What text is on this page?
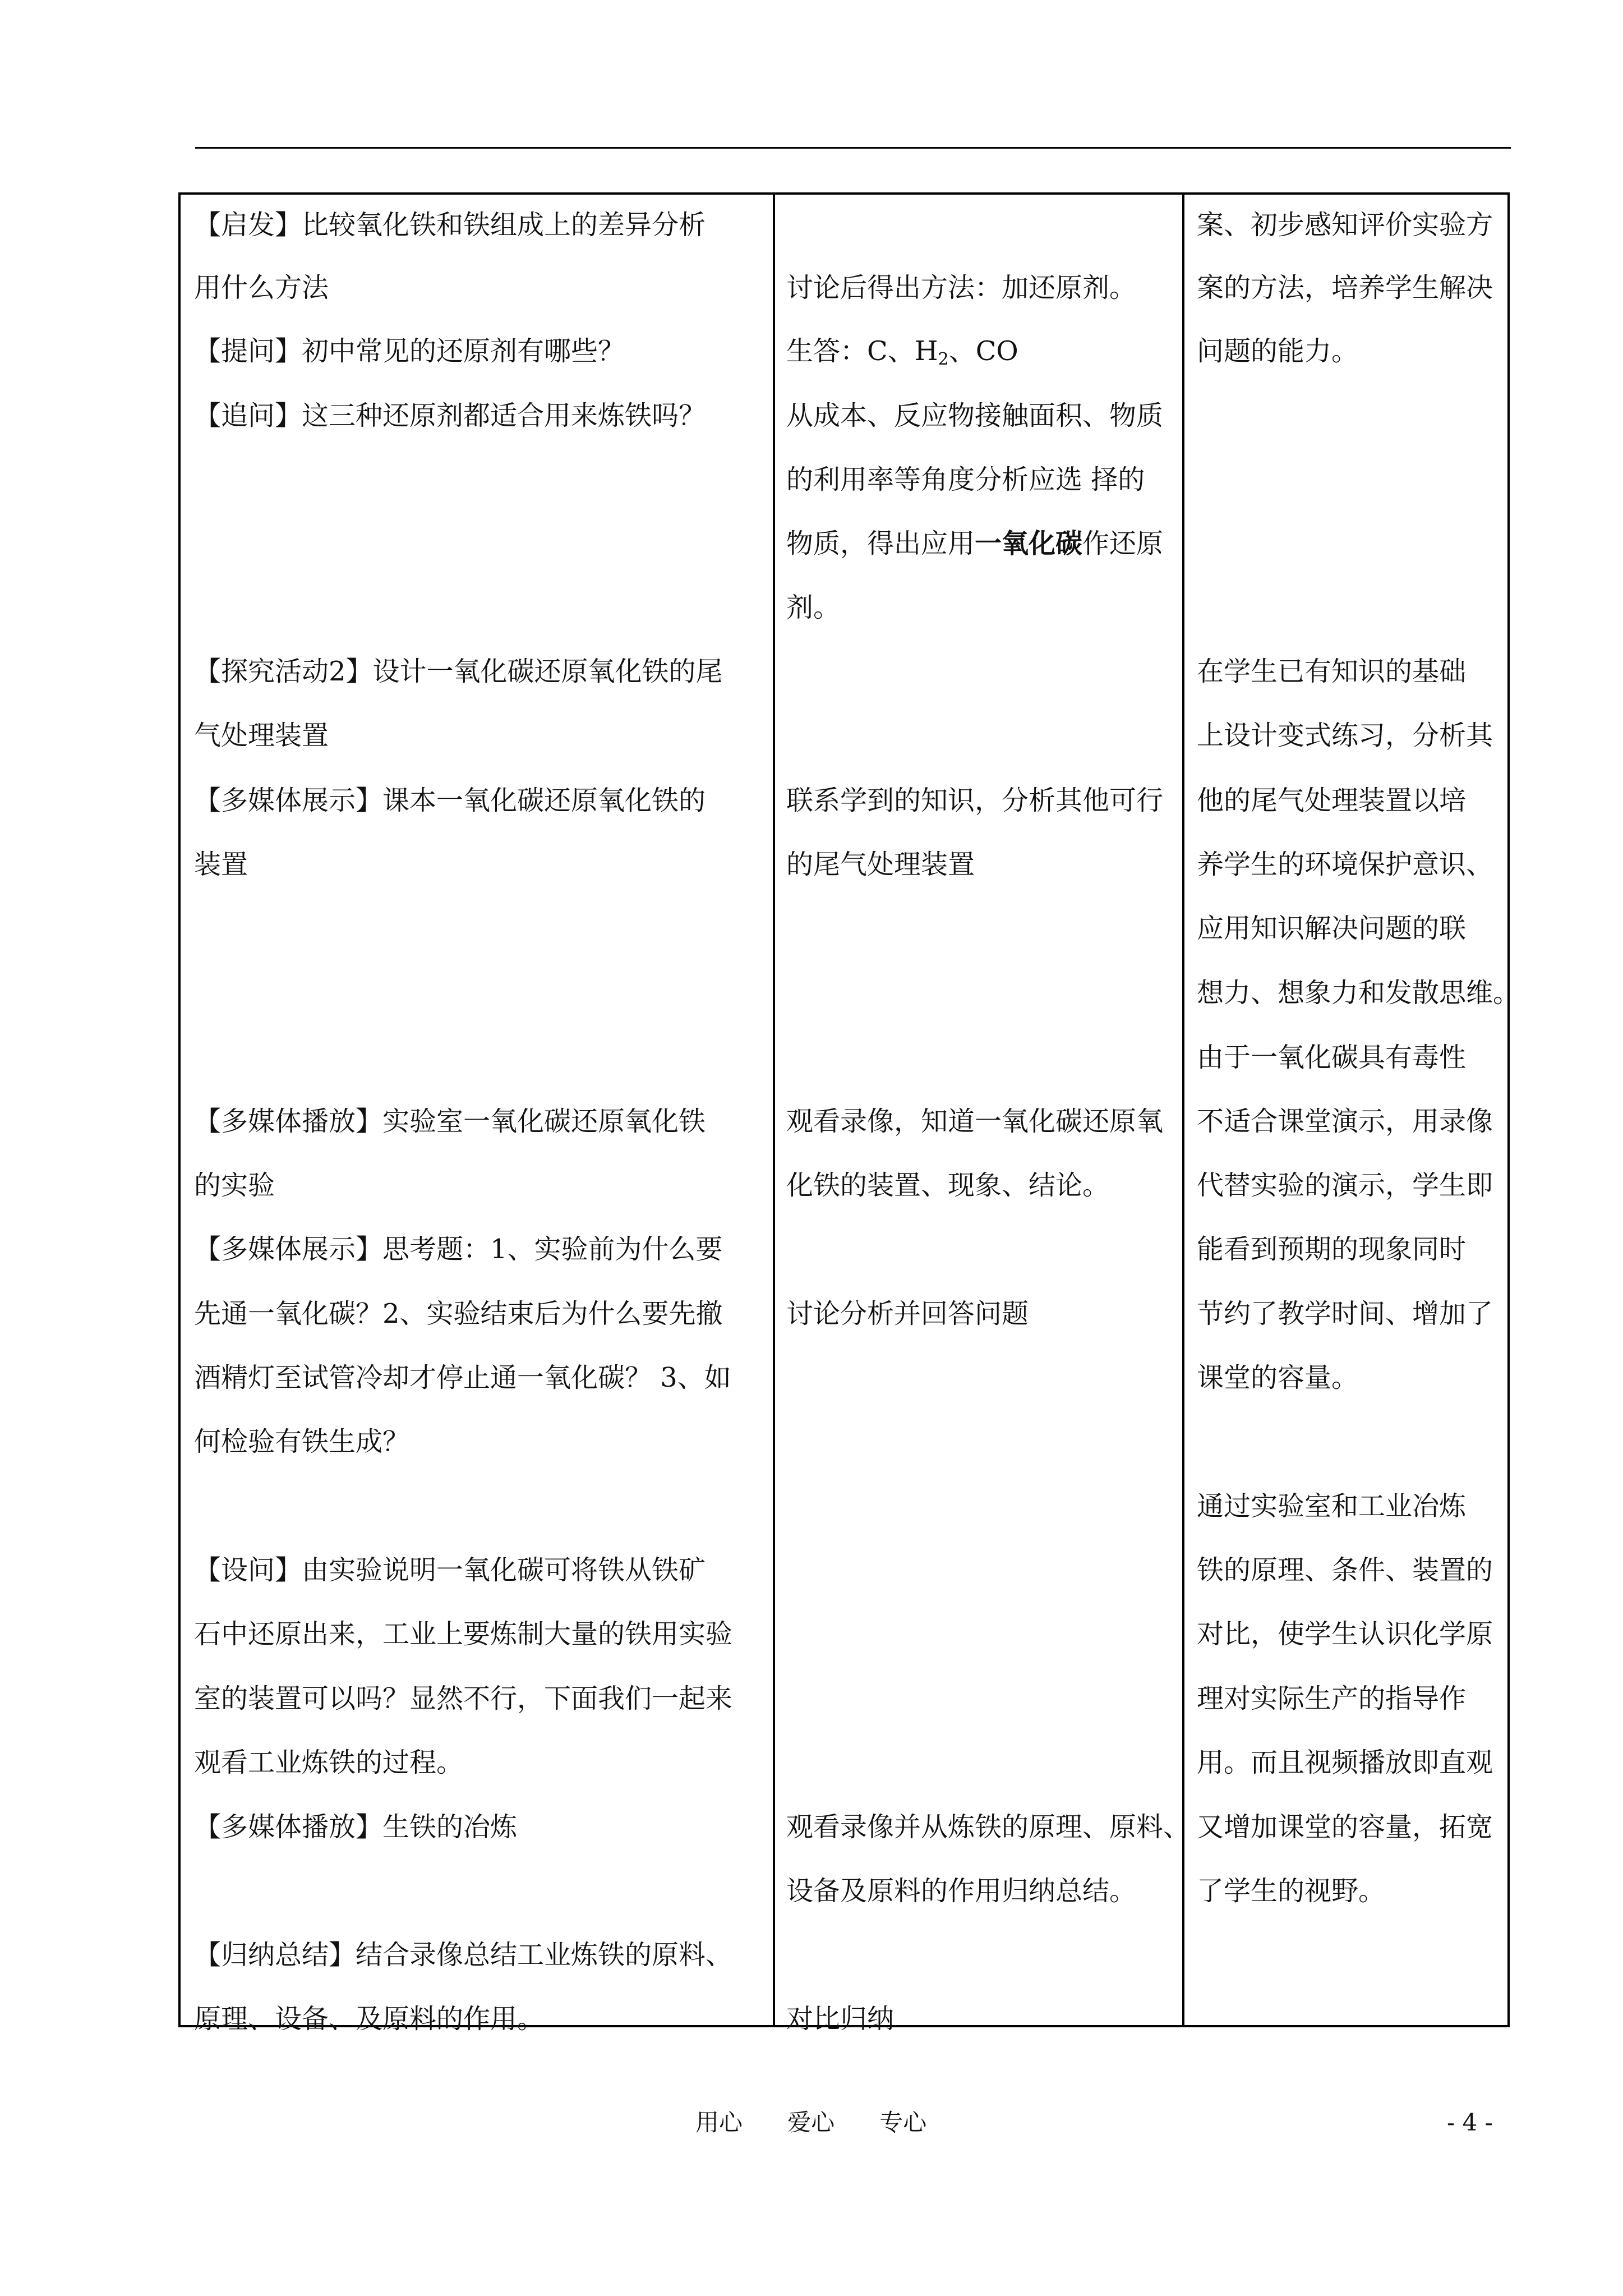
【启发】比较氧化铁和铁组成上的差异分析
用什么方法
【提问】初中常见的还原剂有哪些？
【追问】这三种还原剂都适合用来炼铁吗？
【探究活动2】设计一氧化碳还原氧化铁的尾
气处理装置
【多媒体展示】课本一氧化碳还原氧化铁的
装置
【多媒体播放】实验室一氧化碳还原氧化铁
的实验
【多媒体展示】思考题：1、实验前为什么要
先通一氧化碳？2、实验结束后为什么要先撤
酒精灯至试管冷却才停止通一氧化碳？ 3、如
何检验有铁生成？
【设问】由实验说明一氧化碳可将铁从铁矿
石中还原出来，工业上要炼制大量的铁用实验
室的装置可以吗？显然不行，下面我们一起来
观看工业炼铁的过程。
【多媒体播放】生铁的冶炼
【归纳总结】结合录像总结工业炼铁的原料、
原理、设备、及原料的作用。
讨论后得出方法：加还原剂。
生答：C、$H_2$、CO
从成本、反应物接触面积、物质
的利用率等角度分析应选 择的
物质，得出应用一氧化碳作还原
剂。
联系学到的知识，分析其他可行
的尾气处理装置
观看录像，知道一氧化碳还原氧
化铁的装置、现象、结论。
讨论分析并回答问题
观看录像并从炼铁的原理、原料、
设备及原料的作用归纳总结。
对比归纳
案、初步感知评价实验方
案的方法，培养学生解决
问题的能力。
在学生已有知识的基础
上设计变式练习，分析其
他的尾气处理装置以培
养学生的环境保护意识、
应用知识解决问题的联
想力、想象力和发散思维。
由于一氧化碳具有毒性
不适合课堂演示，用录像
代替实验的演示，学生即
能看到预期的现象同时
节约了教学时间、增加了
课堂的容量。
通过实验室和工业冶炼
铁的原理、条件、装置的
对比，使学生认识化学原
理对实际生产的指导作
用。而且视频播放即直观
又增加课堂的容量，拓宽
了学生的视野。
用心      爱心      专心	- 4 -
